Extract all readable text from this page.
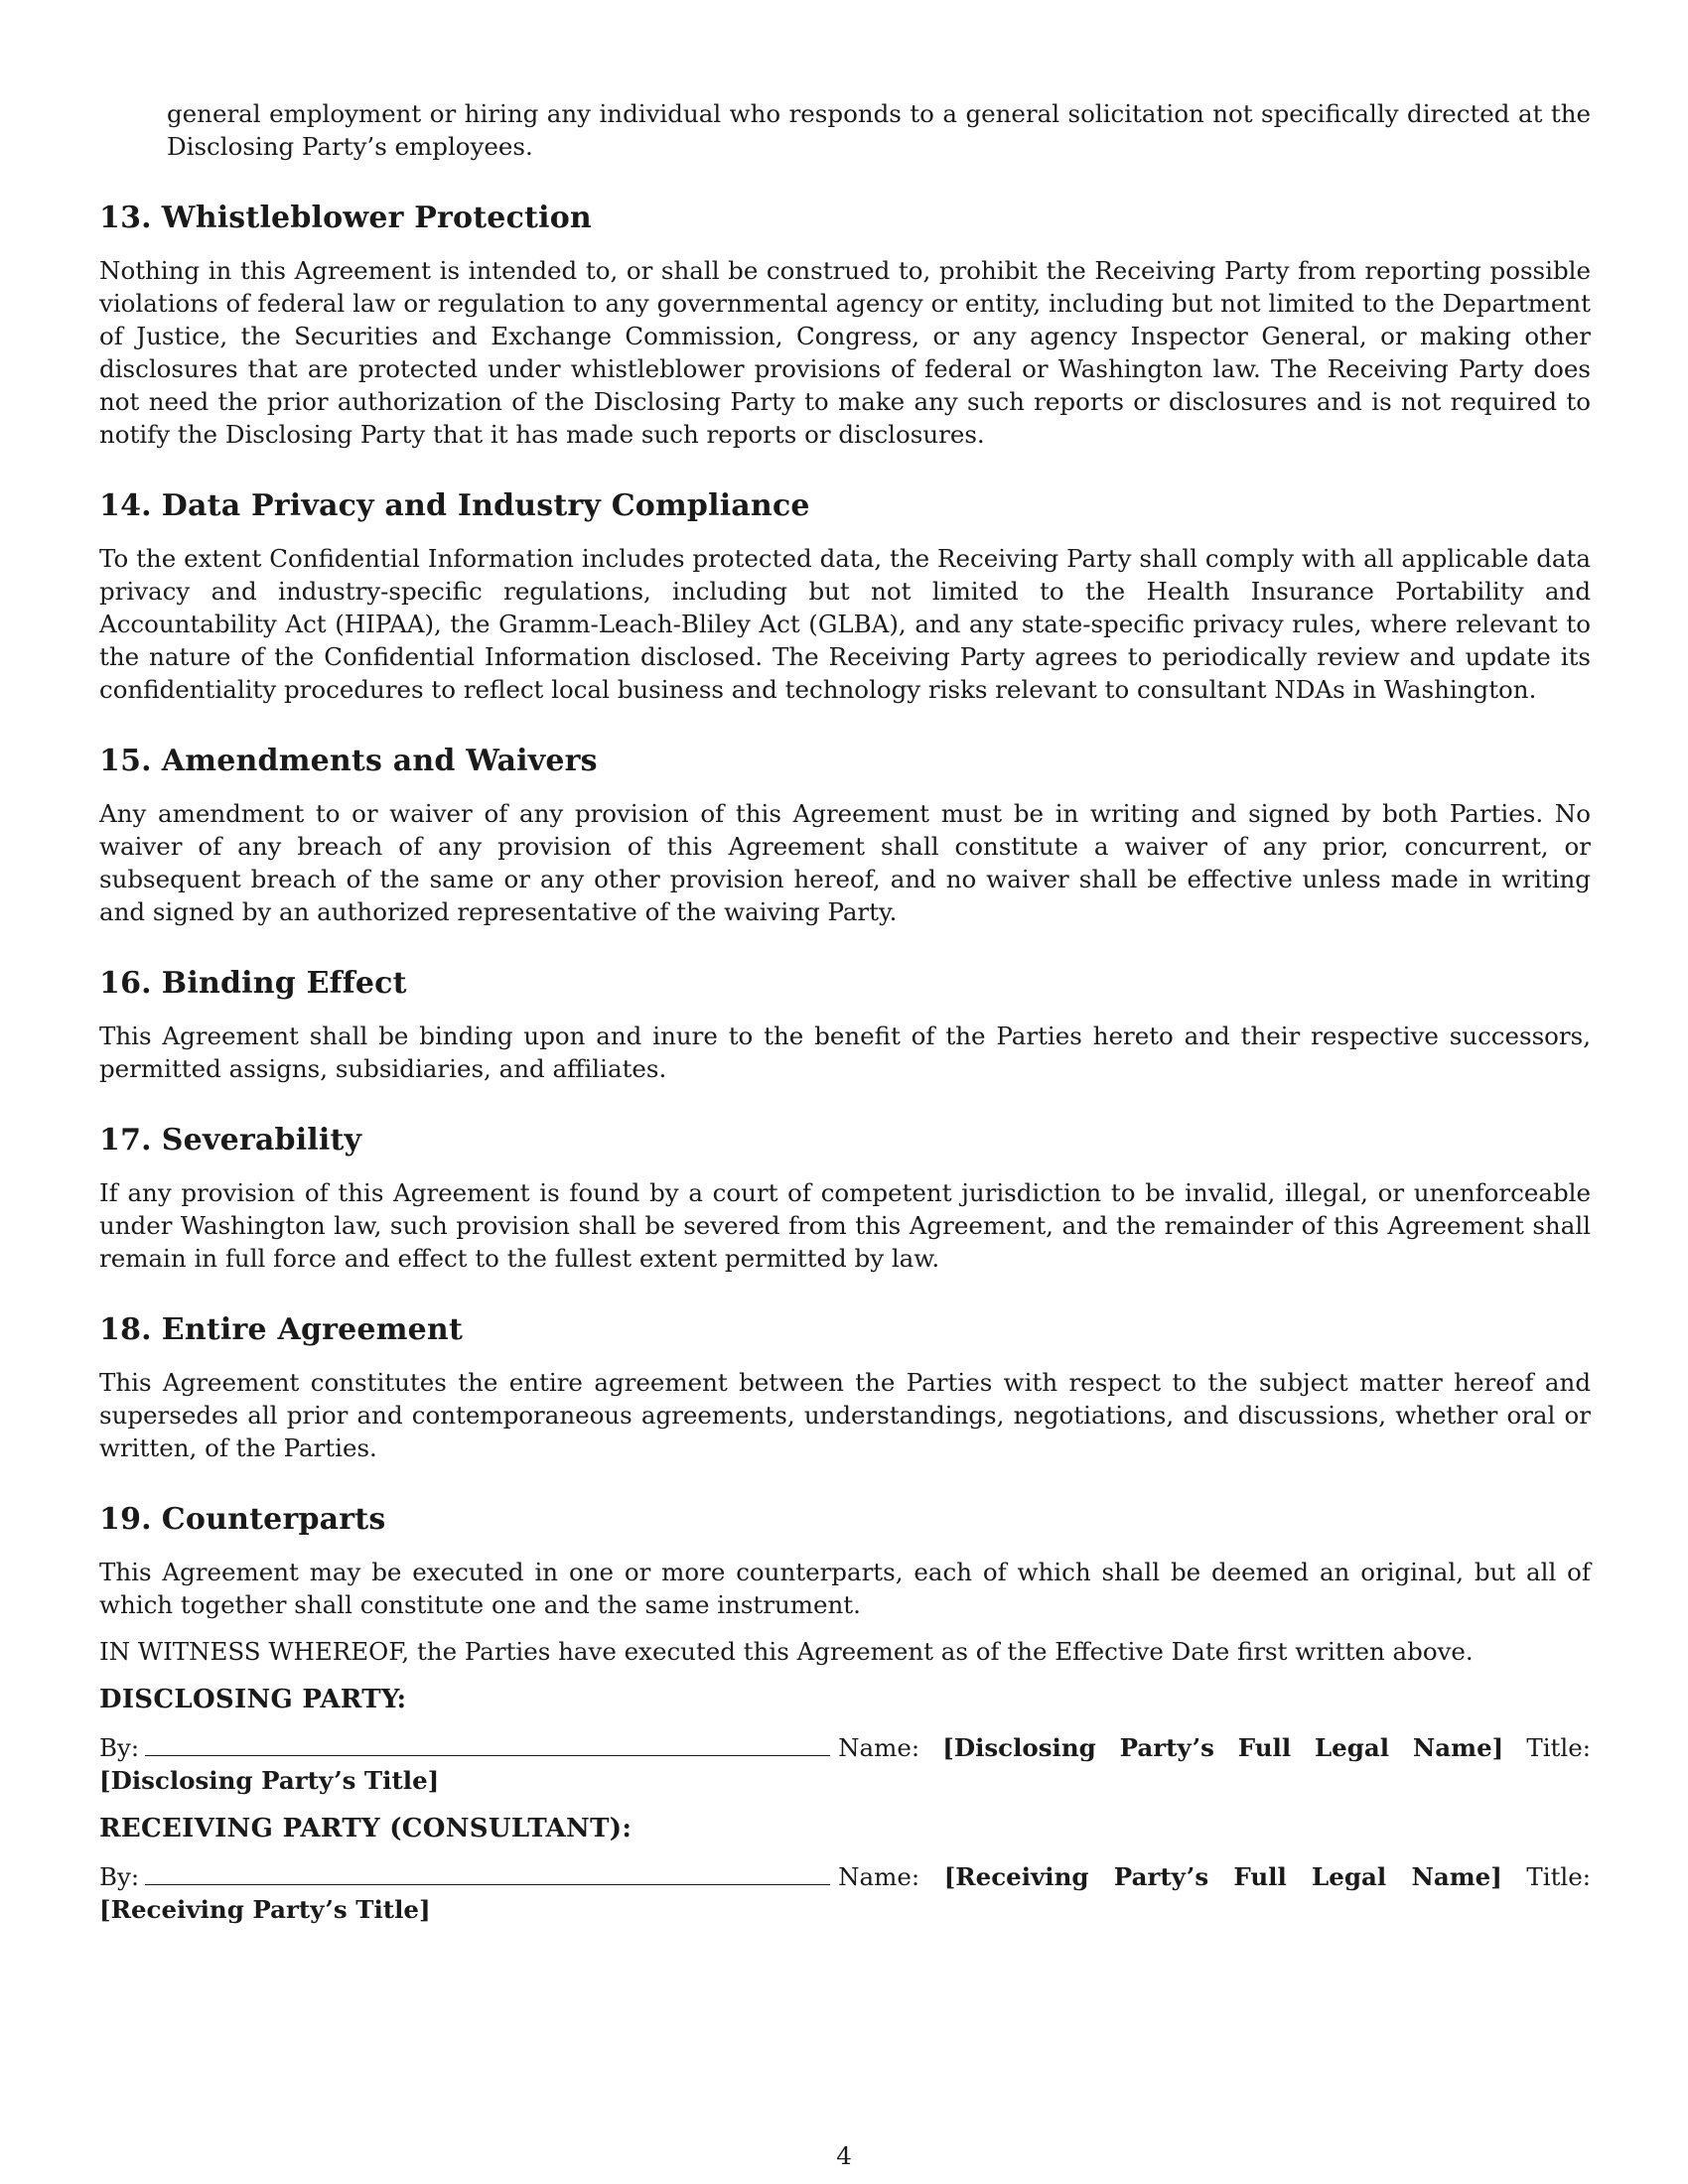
general employment or hiring any individual who responds to a general solicitation not specifically directed at the Disclosing Party’s employees.

13. Whistleblower Protection

Nothing in this Agreement is intended to, or shall be construed to, prohibit the Receiving Party from reporting possible violations of federal law or regulation to any governmental agency or entity, including but not limited to the Department of Justice, the Securities and Exchange Commission, Congress, or any agency Inspector General, or making other disclosures that are protected under whistleblower provisions of federal or Washington law. The Receiving Party does not need the prior authorization of the Disclosing Party to make any such reports or disclosures and is not required to notify the Disclosing Party that it has made such reports or disclosures.

14. Data Privacy and Industry Compliance

To the extent Confidential Information includes protected data, the Receiving Party shall comply with all applicable data privacy and industry-specific regulations, including but not limited to the Health Insurance Portability and Accountability Act (HIPAA), the Gramm-Leach-Bliley Act (GLBA), and any state-specific privacy rules, where relevant to the nature of the Confidential Information disclosed. The Receiving Party agrees to periodically review and update its confidentiality procedures to reflect local business and technology risks relevant to consultant NDAs in Washington.

15. Amendments and Waivers

Any amendment to or waiver of any provision of this Agreement must be in writing and signed by both Parties. No waiver of any breach of any provision of this Agreement shall constitute a waiver of any prior, concurrent, or subsequent breach of the same or any other provision hereof, and no waiver shall be effective unless made in writing and signed by an authorized representative of the waiving Party.

16. Binding Effect

This Agreement shall be binding upon and inure to the benefit of the Parties hereto and their respective successors, permitted assigns, subsidiaries, and affiliates.

17. Severability

If any provision of this Agreement is found by a court of competent jurisdiction to be invalid, illegal, or unenforceable under Washington law, such provision shall be severed from this Agreement, and the remainder of this Agreement shall remain in full force and effect to the fullest extent permitted by law.

18. Entire Agreement

This Agreement constitutes the entire agreement between the Parties with respect to the subject matter hereof and supersedes all prior and contemporaneous agreements, understandings, negotiations, and discussions, whether oral or written, of the Parties.

19. Counterparts

This Agreement may be executed in one or more counterparts, each of which shall be deemed an original, but all of which together shall constitute one and the same instrument.

IN WITNESS WHEREOF, the Parties have executed this Agreement as of the Effective Date first written above.

DISCLOSING PARTY:

By:	Name: [Disclosing Party’s Full Legal Name] Title: [Disclosing Party’s Title]

RECEIVING PARTY (CONSULTANT):

By:	Name: [Receiving Party’s Full Legal Name] Title: [Receiving Party’s Title]

4
